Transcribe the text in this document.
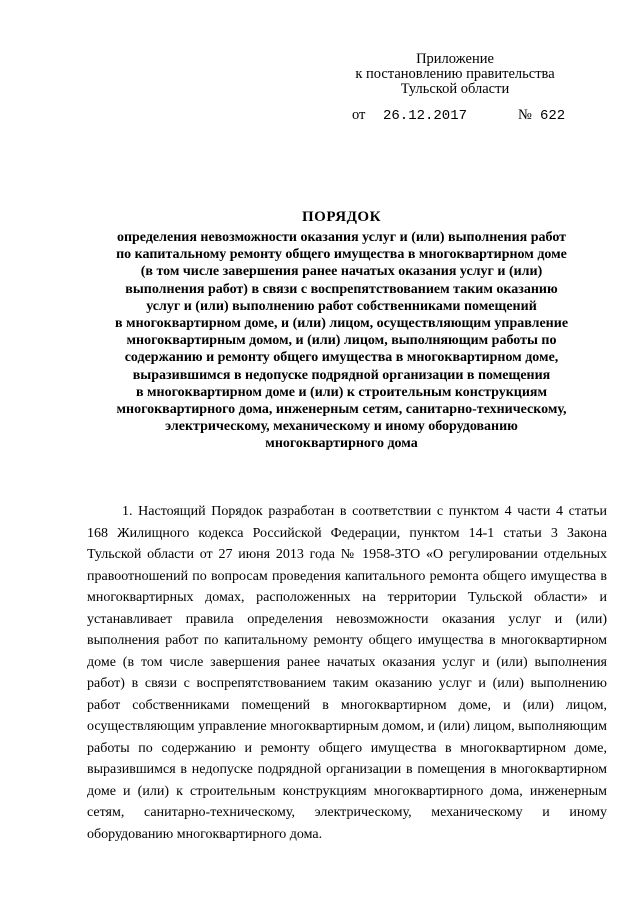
Приложение
к постановлению правительства
Тульской области
от 26.12.2017	№ 622
ПОРЯДОК
определения невозможности оказания услуг и (или) выполнения работ
по капитальному ремонту общего имущества в многоквартирном доме
(в том числе завершения ранее начатых оказания услуг и (или)
выполнения работ) в связи с воспрепятствованием таким оказанию
услуг и (или) выполнению работ собственниками помещений
в многоквартирном доме, и (или) лицом, осуществляющим управление
многоквартирным домом, и (или) лицом, выполняющим работы по
содержанию и ремонту общего имущества в многоквартирном доме,
выразившимся в недопуске подрядной организации в помещения
в многоквартирном доме и (или) к строительным конструкциям
многоквартирного дома, инженерным сетям, санитарно-техническому,
электрическому, механическому и иному оборудованию
многоквартирного дома

1. Настоящий Порядок разработан в соответствии с пунктом 4 части 4 статьи 168 Жилищного кодекса Российской Федерации, пунктом 14-1 статьи 3 Закона Тульской области от 27 июня 2013 года № 1958-ЗТО «О регулировании отдельных правоотношений по вопросам проведения капитального ремонта общего имущества в многоквартирных домах, расположенных на территории Тульской области» и устанавливает правила определения невозможности оказания услуг и (или) выполнения работ по капитальному ремонту общего имущества в многоквартирном доме (в том числе завершения ранее начатых оказания услуг и (или) выполнения работ) в связи с воспрепятствованием таким оказанию услуг и (или) выполнению работ собственниками помещений в многоквартирном доме, и (или) лицом, осуществляющим управление многоквартирным домом, и (или) лицом, выполняющим работы по содержанию и ремонту общего имущества в многоквартирном доме, выразившимся в недопуске подрядной организации в помещения в многоквартирном доме и (или) к строительным конструкциям многоквартирного дома, инженерным сетям, санитарно-техническому, электрическому, механическому и иному оборудованию многоквартирного дома.
